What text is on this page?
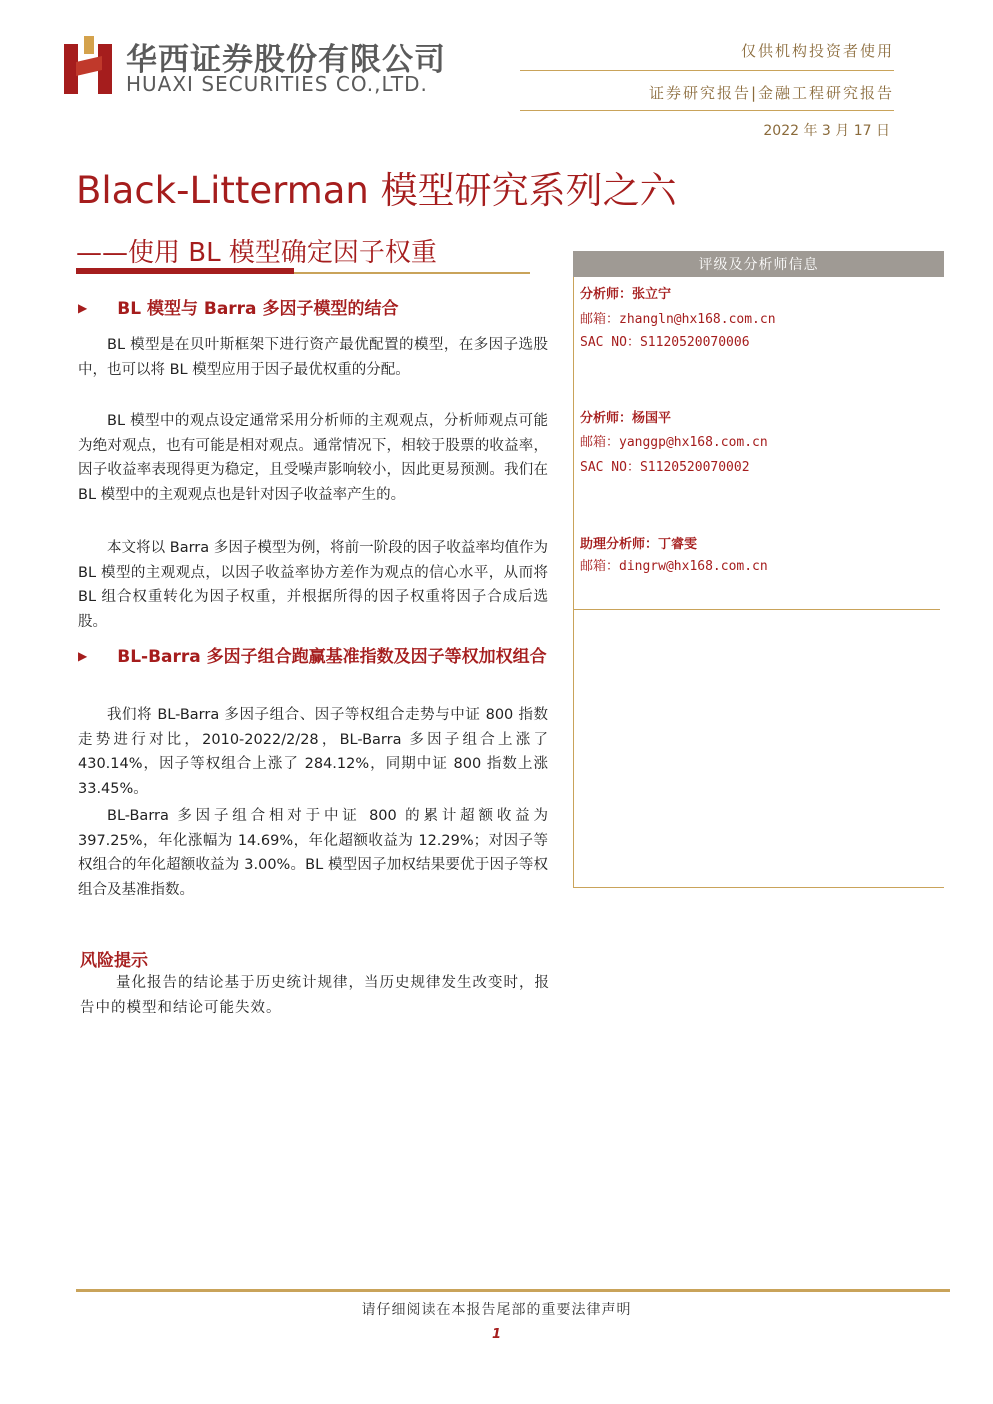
华西证券股份有限公司
HUAXI SECURITIES CO.,LTD.
仅供机构投资者使用
证券研究报告|金融工程研究报告
2022 年 3 月 17 日
Black-Litterman 模型研究系列之六
——使用 BL 模型确定因子权重
▶ BL 模型与 Barra 多因子模型的结合

BL 模型是在贝叶斯框架下进行资产最优配置的模型，在多因子选股中，也可以将 BL 模型应用于因子最优权重的分配。

BL 模型中的观点设定通常采用分析师的主观观点，分析师观点可能为绝对观点，也有可能是相对观点。通常情况下，相较于股票的收益率，因子收益率表现得更为稳定，且受噪声影响较小，因此更易预测。我们在 BL 模型中的主观观点也是针对因子收益率产生的。

本文将以 Barra 多因子模型为例，将前一阶段的因子收益率均值作为 BL 模型的主观观点，以因子收益率协方差作为观点的信心水平，从而将 BL 组合权重转化为因子权重，并根据所得的因子权重将因子合成后选股。

▶ BL-Barra 多因子组合跑赢基准指数及因子等权加权组合

我们将 BL-Barra 多因子组合、因子等权组合走势与中证 800 指数走势进行对比，2010-2022/2/28，BL-Barra 多因子组合上涨了 430.14%，因子等权组合上涨了 284.12%，同期中证 800 指数上涨 33.45%。

BL-Barra 多因子组合相对于中证 800 的累计超额收益为 397.25%，年化涨幅为 14.69%，年化超额收益为 12.29%；对因子等权组合的年化超额收益为 3.00%。BL 模型因子加权结果要优于因子等权组合及基准指数。

风险提示

量化报告的结论基于历史统计规律，当历史规律发生改变时，报告中的模型和结论可能失效。

评级及分析师信息
分析师：张立宁
邮箱：zhangln@hx168.com.cn
SAC NO：S1120520070006
分析师：杨国平
邮箱：yanggp@hx168.com.cn
SAC NO：S1120520070002
助理分析师：丁睿雯
邮箱：dingrw@hx168.com.cn
请仔细阅读在本报告尾部的重要法律声明
1
